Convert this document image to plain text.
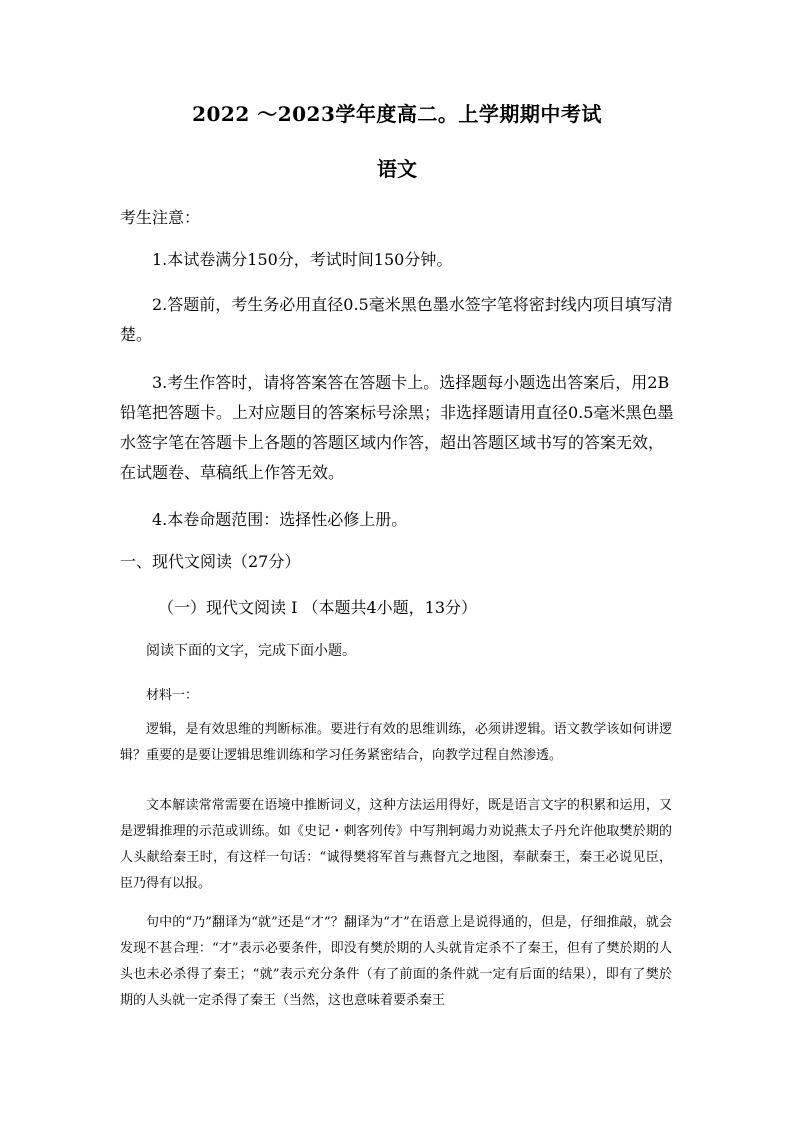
2022 ～2023学年度高二。上学期期中考试
语文

考生注意：

1.本试卷满分150分，考试时间150分钟。

2.答题前，考生务必用直径0.5毫米黑色墨水签字笔将密封线内项目填写清楚。

3.考生作答时，请将答案答在答题卡上。选择题每小题选出答案后，用2B铅笔把答题卡。上对应题目的答案标号涂黑；非选择题请用直径0.5毫米黑色墨水签字笔在答题卡上各题的答题区域内作答，超出答题区域书写的答案无效，在试题卷、草稿纸上作答无效。

4.本卷命题范围：选择性必修上册。

一、现代文阅读（27分）

（一）现代文阅读 I （本题共4小题，13分）

阅读下面的文字，完成下面小题。

材料一：

逻辑，是有效思维的判断标准。要进行有效的思维训练，必须讲逻辑。语文教学该如何讲逻辑？重要的是要让逻辑思维训练和学习任务紧密结合，向教学过程自然渗透。

文本解读常常需要在语境中推断词义，这种方法运用得好，既是语言文字的积累和运用，又是逻辑推理的示范或训练。如《史记・刺客列传》中写荆轲竭力劝说燕太子丹允许他取樊於期的人头献给秦王时，有这样一句话：“诚得樊将军首与燕督亢之地图，奉献秦王，秦王必说见臣，臣乃得有以报。

句中的“乃”翻译为“就”还是“才”？翻译为“才”在语意上是说得通的，但是，仔细推敲，就会发现不甚合理：“才”表示必要条件，即没有樊於期的人头就肯定杀不了秦王，但有了樊於期的人头也未必杀得了秦王；“就”表示充分条件（有了前面的条件就一定有后面的结果），即有了樊於期的人头就一定杀得了秦王（当然，这也意味着要杀秦王
